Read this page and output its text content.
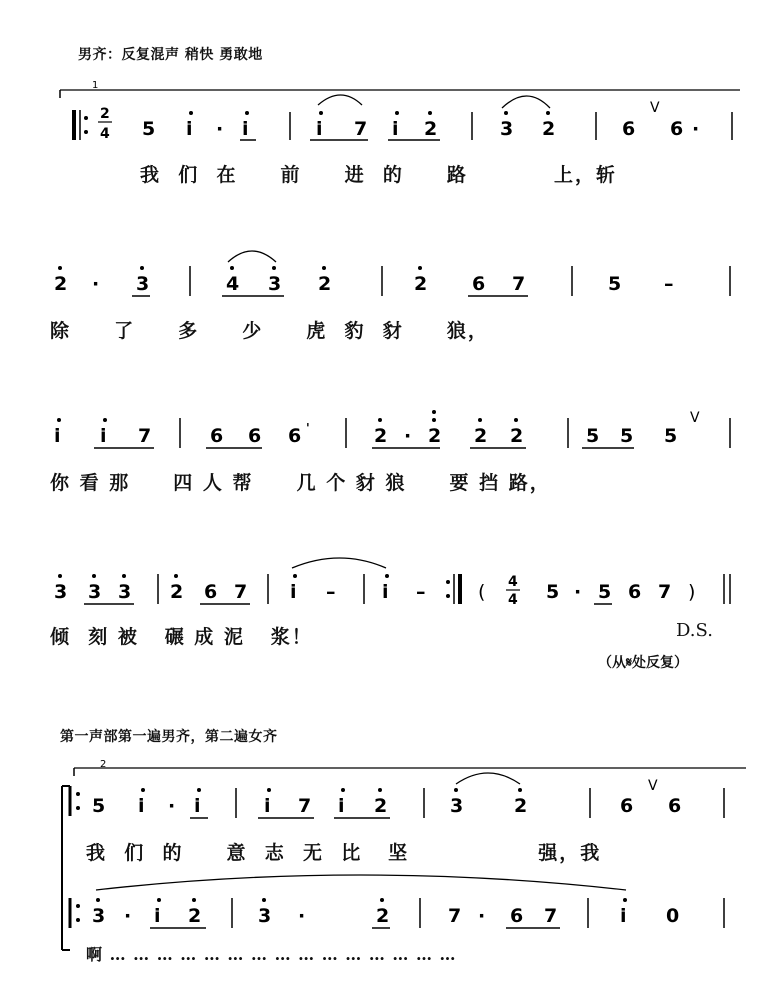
男齐：反复混声 稍快 勇敢地
1
2
4 5 i · i	i 7 i 2	3 2	6
V
6 ·
2 · 3	4 3 2	2 6 7	5 –
i i 7	6 6 6 '	2 · 2 2 2	5 5 5
V
3 3 3 2 6 7 i – i –	( 4
4 5 · 5 6 7 )
我  们  在     前     进  的     路          上，斩
除     了     多     少     虎  豹  豺     狼，
你 看 那     四 人 帮     几 个 豺 狼     要 挡 路，
倾  刻 被   碾 成 泥   浆！	D.S.
（从𝄋处反复）
第一声部第一遍男齐，第二遍女齐
2
5 i · i	i 7 i 2	3	2	6
V
6
3 · i 2	3 ·	2	7 · 6 7	i 0
我  们  的     意  志  无  比   坚               强，我
啊 … … … … … … … … … … … … … … …
